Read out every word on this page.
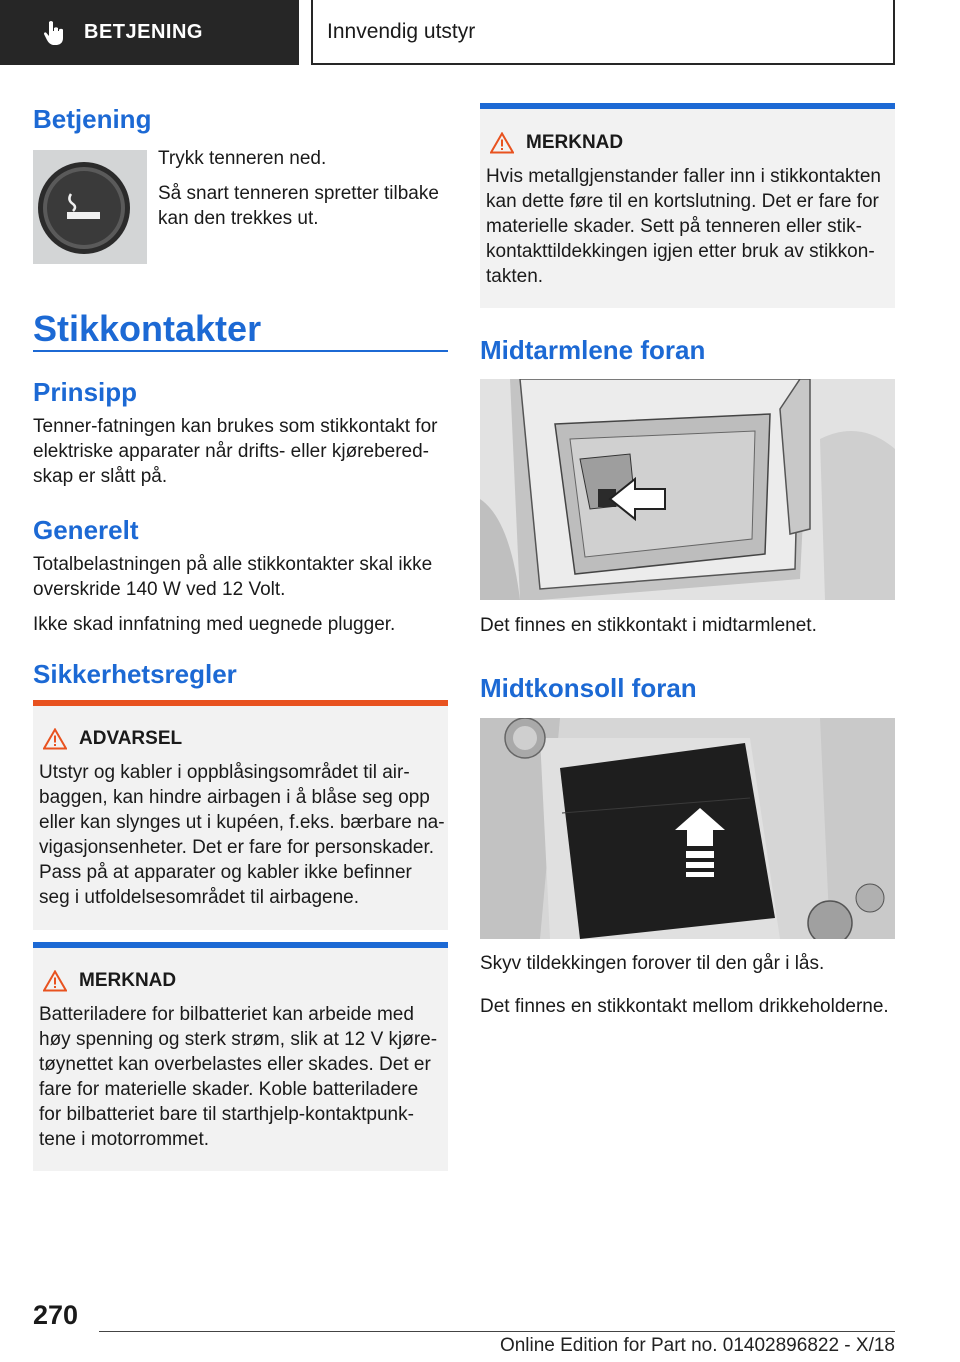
BETJENING	Innvendig utstyr
Betjening
Trykk tenneren ned.
Så snart tenneren spretter tilbake
kan den trekkes ut.
Stikkontakter
Prinsipp
Tenner-fatningen kan brukes som stikkontakt for
elektriske apparater når drifts- eller kjørebered-
skap er slått på.
Generelt
Totalbelastningen på alle stikkontakter skal ikke
overskride 140 W ved 12 Volt.
Ikke skad innfatning med uegnede plugger.
Sikkerhetsregler
ADVARSEL
Utstyr og kabler i oppblåsingsområdet til air-
baggen, kan hindre airbagen i å blåse seg opp
eller kan slynges ut i kupéen, f.eks. bærbare na-
vigasjonsenheter. Det er fare for personskader.
Pass på at apparater og kabler ikke befinner
seg i utfoldelsesområdet til airbagene.
MERKNAD
Batteriladere for bilbatteriet kan arbeide med
høy spenning og sterk strøm, slik at 12 V kjøre-
tøynettet kan overbelastes eller skades. Det er
fare for materielle skader. Koble batteriladere
for bilbatteriet bare til starthjelp-kontaktpunk-
tene i motorrommet.
MERKNAD
Hvis metallgjenstander faller inn i stikkontakten
kan dette føre til en kortslutning. Det er fare for
materielle skader. Sett på tenneren eller stik-
kontakttildekkingen igjen etter bruk av stikkon-
takten.
Midtarmlene foran
Det finnes en stikkontakt i midtarmlenet.
Midtkonsoll foran
Skyv tildekkingen forover til den går i lås.
Det finnes en stikkontakt mellom drikkeholderne.
270
Online Edition for Part no. 01402896822 - X/18
